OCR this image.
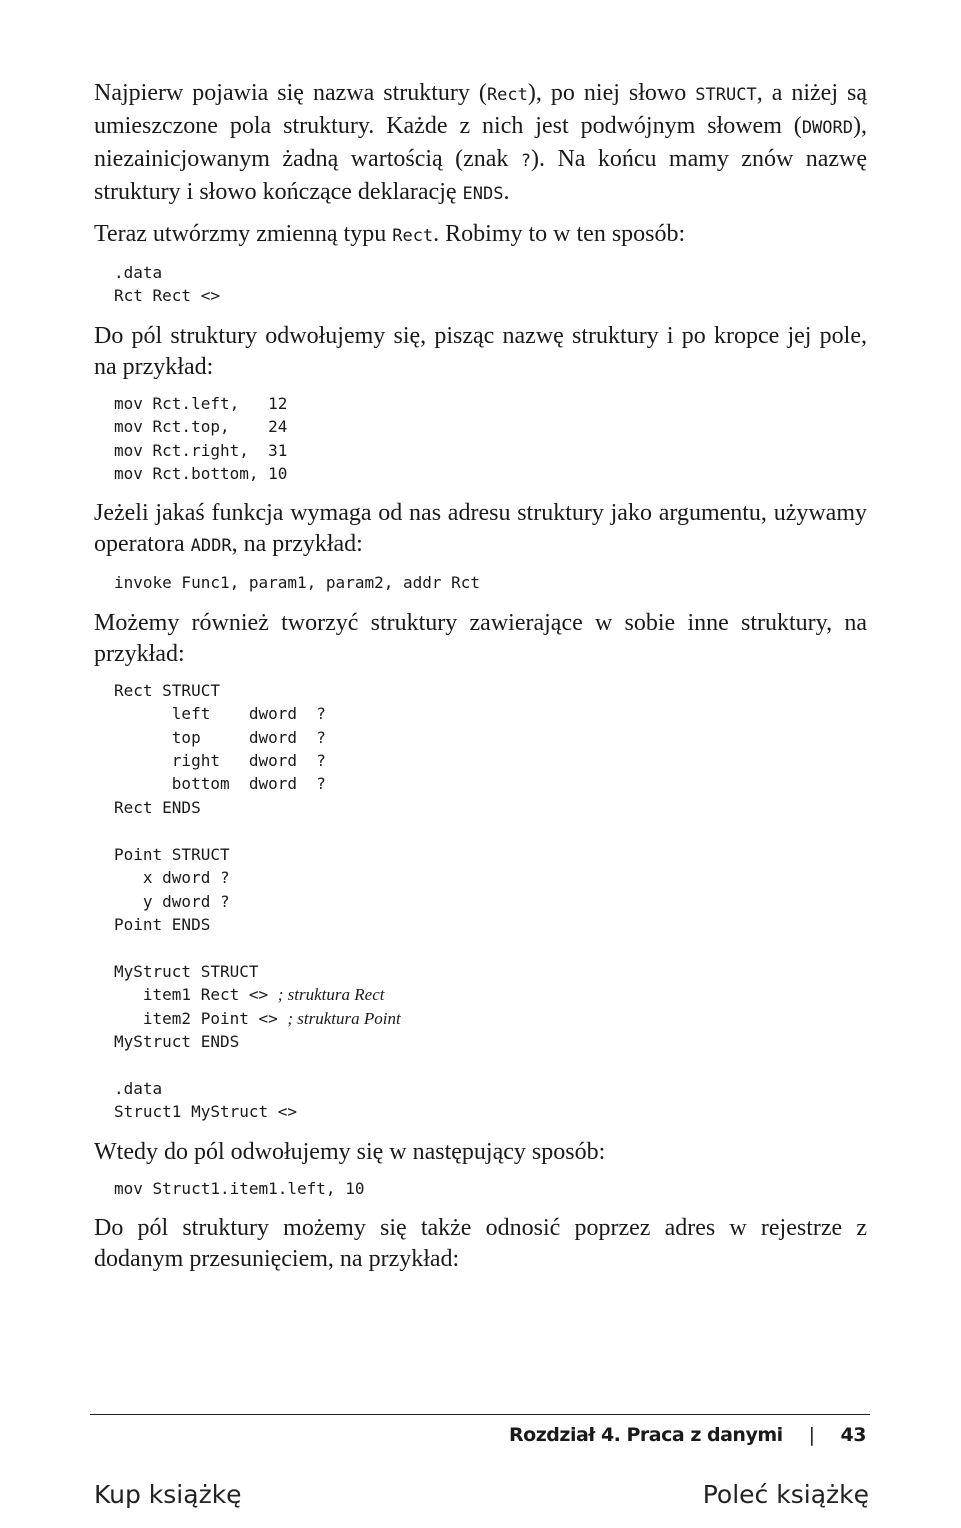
Najpierw pojawia się nazwa struktury (Rect), po niej słowo STRUCT, a niżej są umieszczone pola struktury. Każde z nich jest podwójnym słowem (DWORD), niezainicjowanym żadną wartością (znak ?). Na końcu mamy znów nazwę struktury i słowo kończące deklarację ENDS.

Teraz utwórzmy zmienną typu Rect. Robimy to w ten sposób:

.data
Rct Rect <>

Do pól struktury odwołujemy się, pisząc nazwę struktury i po kropce jej pole, na przykład:

mov Rct.left,   12
mov Rct.top,    24
mov Rct.right,  31
mov Rct.bottom, 10

Jeżeli jakaś funkcja wymaga od nas adresu struktury jako argumentu, używamy operatora ADDR, na przykład:

invoke Func1, param1, param2, addr Rct

Możemy również tworzyć struktury zawierające w sobie inne struktury, na przykład:

Rect STRUCT
left    dword  ?
top     dword  ?
right   dword  ?
bottom  dword  ?
Rect ENDS

Point STRUCT
x dword ?
y dword ?
Point ENDS

MyStruct STRUCT
item1 Rect <> ; struktura Rect
item2 Point <> ; struktura Point
MyStruct ENDS

.data
Struct1 MyStruct <>

Wtedy do pól odwołujemy się w następujący sposób:

mov Struct1.item1.left, 10

Do pól struktury możemy się także odnosić poprzez adres w rejestrze z dodanym przesunięciem, na przykład:

Rozdział 4. Praca z danymi | 43
Kup książkę	Poleć książkę
